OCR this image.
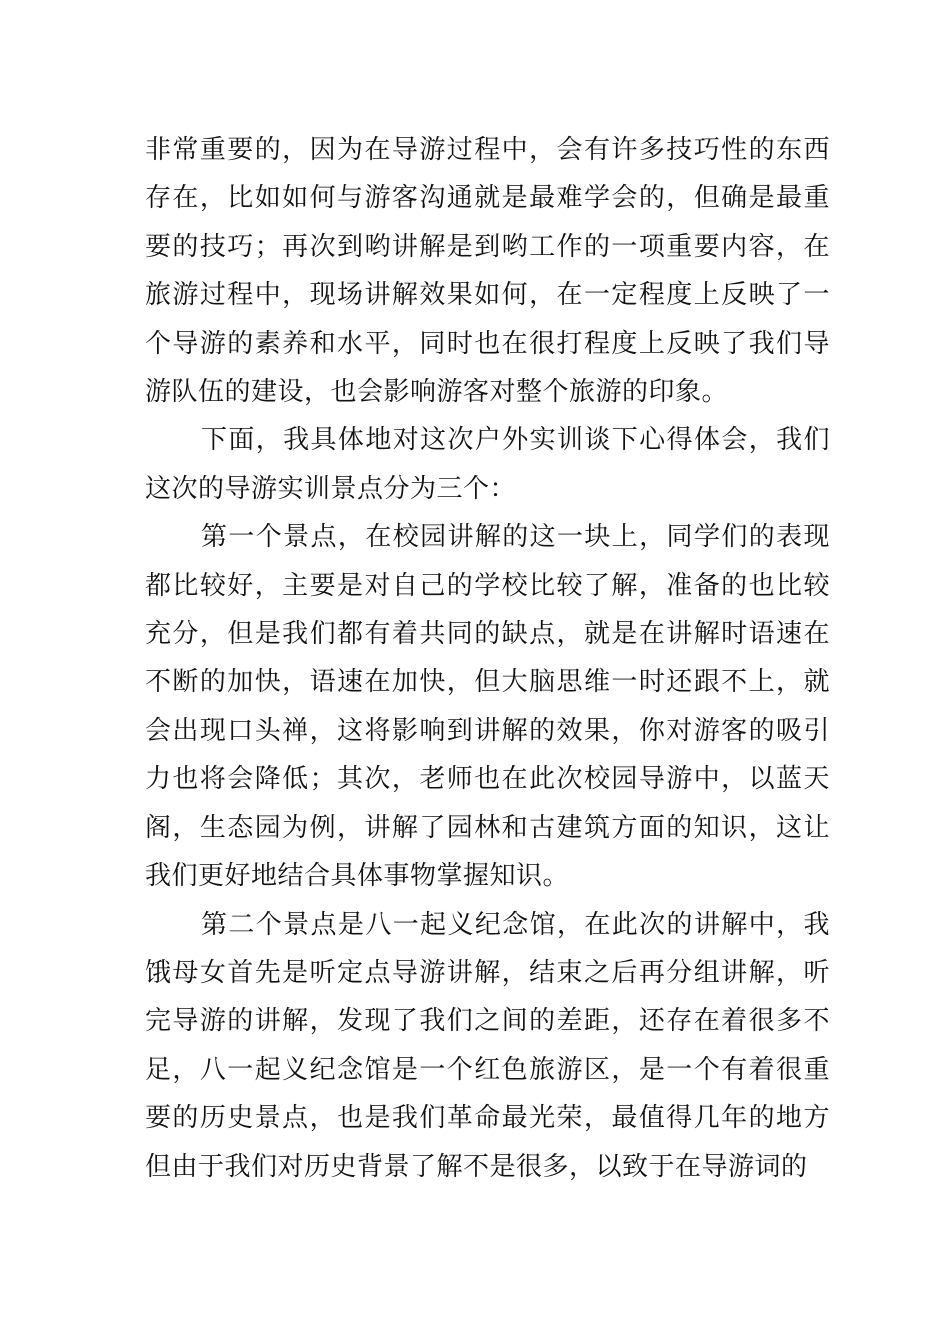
非常重要的，因为在导游过程中，会有许多技巧性的东西存在，比如如何与游客沟通就是最难学会的，但确是最重要的技巧；再次到哟讲解是到哟工作的一项重要内容，在旅游过程中，现场讲解效果如何，在一定程度上反映了一个导游的素养和水平，同时也在很打程度上反映了我们导游队伍的建设，也会影响游客对整个旅游的印象。

下面，我具体地对这次户外实训谈下心得体会，我们这次的导游实训景点分为三个：

第一个景点，在校园讲解的这一块上，同学们的表现都比较好，主要是对自己的学校比较了解，准备的也比较充分，但是我们都有着共同的缺点，就是在讲解时语速在不断的加快，语速在加快，但大脑思维一时还跟不上，就会出现口头禅，这将影响到讲解的效果，你对游客的吸引力也将会降低；其次，老师也在此次校园导游中，以蓝天阁，生态园为例，讲解了园林和古建筑方面的知识，这让我们更好地结合具体事物掌握知识。

第二个景点是八一起义纪念馆，在此次的讲解中，我饿母女首先是听定点导游讲解，结束之后再分组讲解，听完导游的讲解，发现了我们之间的差距，还存在着很多不足，八一起义纪念馆是一个红色旅游区，是一个有着很重要的历史景点，也是我们革命最光荣，最值得几年的地方但由于我们对历史背景了解不是很多，以致于在导游词的
